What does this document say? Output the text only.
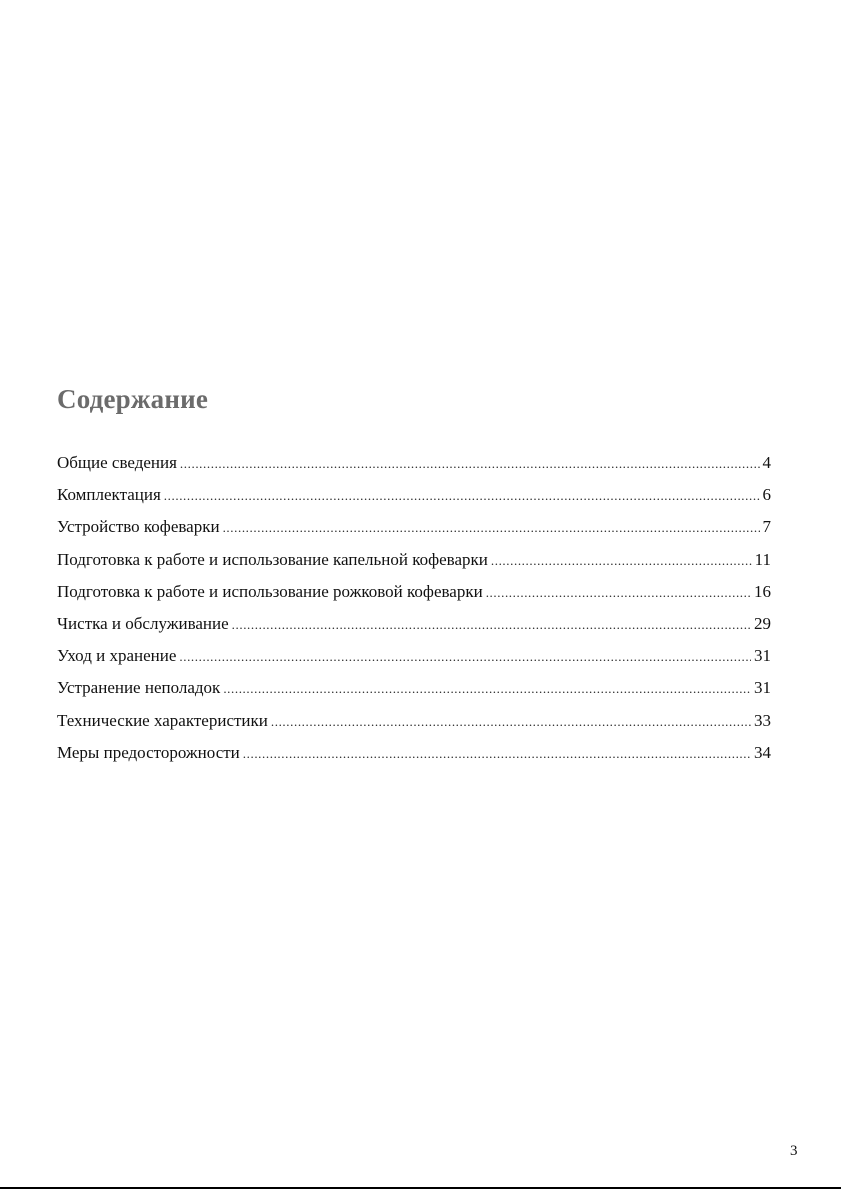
Содержание
Общие сведения .....	4
Комплектация .....	6
Устройство кофеварки .....	7
Подготовка к работе и использование капельной кофеварки .....	11
Подготовка к работе и использование рожковой кофеварки .....	16
Чистка и обслуживание .....	29
Уход и хранение .....	31
Устранение неполадок .....	31
Технические характеристики .....	33
Меры предосторожности .....	34
3
